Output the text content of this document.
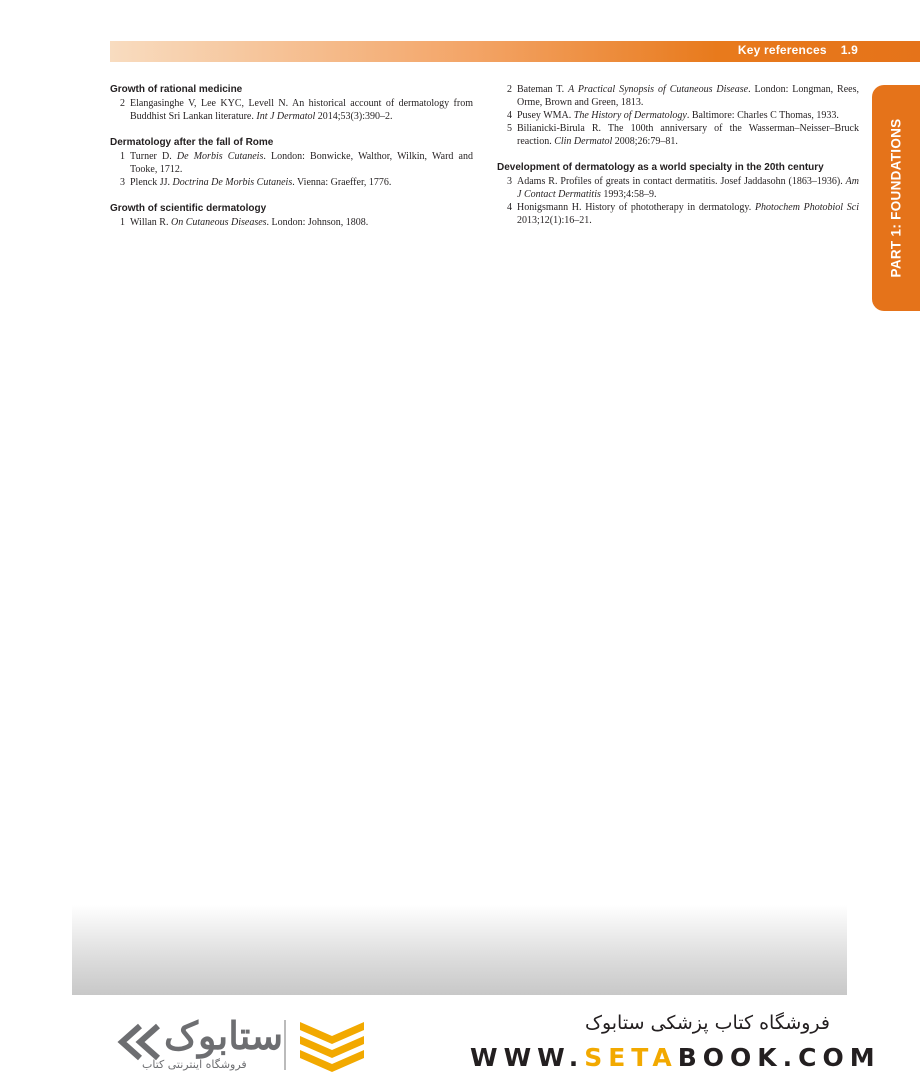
Key references 1.9
PART 1: FOUNDATIONS
Growth of rational medicine
2 Elangasinghe V, Lee KYC, Levell N. An historical account of dermatology from Buddhist Sri Lankan literature. Int J Dermatol 2014;53(3):390–2.
Dermatology after the fall of Rome
1 Turner D. De Morbis Cutaneis. London: Bonwicke, Walthor, Wilkin, Ward and Tooke, 1712.
3 Plenck JJ. Doctrina De Morbis Cutaneis. Vienna: Graeffer, 1776.
Growth of scientific dermatology
1 Willan R. On Cutaneous Diseases. London: Johnson, 1808.
2 Bateman T. A Practical Synopsis of Cutaneous Disease. London: Longman, Rees, Orme, Brown and Green, 1813.
4 Pusey WMA. The History of Dermatology. Baltimore: Charles C Thomas, 1933.
5 Bilianicki-Birula R. The 100th anniversary of the Wasserman–Neisser–Bruck reaction. Clin Dermatol 2008;26:79–81.
Development of dermatology as a world specialty in the 20th century
3 Adams R. Profiles of greats in contact dermatitis. Josef Jaddasohn (1863–1936). Am J Contact Dermatitis 1993;4:58–9.
4 Honigsmann H. History of phototherapy in dermatology. Photochem Photobiol Sci 2013;12(1):16–21.
ستابوک
فروشگاه اینترنتی کتاب
فروشگاه کتاب پزشکی ستابوک
WWW.SETABOOK.COM
